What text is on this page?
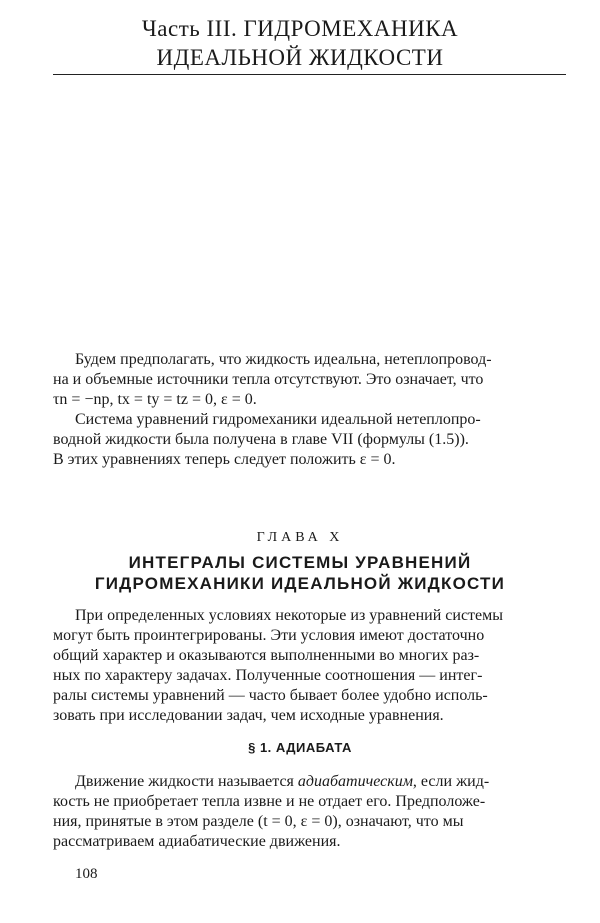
Часть III. ГИДРОМЕХАНИКА
ИДЕАЛЬНОЙ ЖИДКОСТИ
Будем предполагать, что жидкость идеальна, нетеплопровод-
на и объемные источники тепла отсутствуют. Это означает, что
τn = −np, tx = ty = tz = 0, ε = 0.
Система уравнений гидромеханики идеальной нетеплопро-
водной жидкости была получена в главе VII (формулы (1.5)).
В этих уравнениях теперь следует положить ε = 0.
ГЛАВА X
ИНТЕГРАЛЫ СИСТЕМЫ УРАВНЕНИЙ
ГИДРОМЕХАНИКИ ИДЕАЛЬНОЙ ЖИДКОСТИ
При определенных условиях некоторые из уравнений системы
могут быть проинтегрированы. Эти условия имеют достаточно
общий характер и оказываются выполненными во многих раз-
ных по характеру задачах. Полученные соотношения — интег-
ралы системы уравнений — часто бывает более удобно исполь-
зовать при исследовании задач, чем исходные уравнения.
§ 1. АДИАБАТА
Движение жидкости называется адиабатическим, если жид-
кость не приобретает тепла извне и не отдает его. Предположе-
ния, принятые в этом разделе (t = 0, ε = 0), означают, что мы
рассматриваем адиабатические движения.
108
